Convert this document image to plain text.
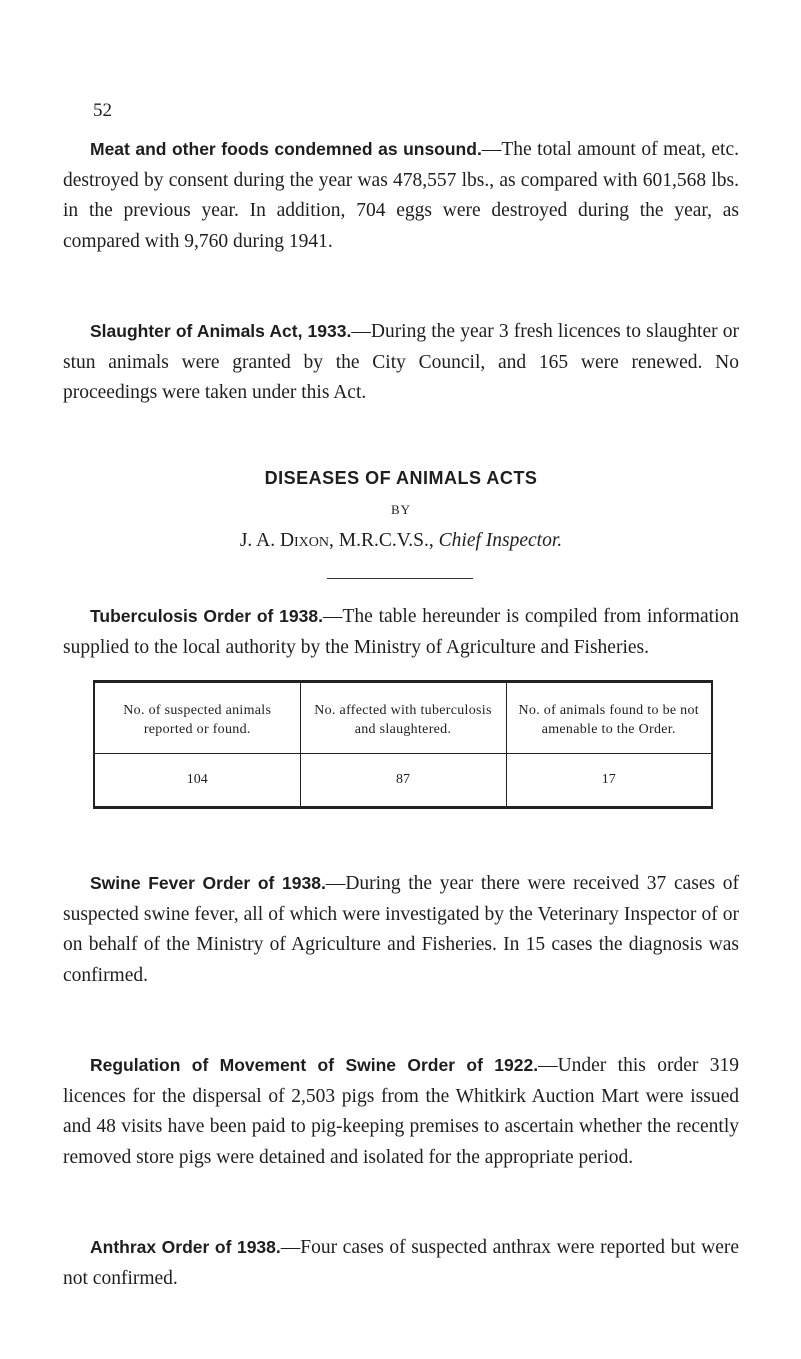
52

Meat and other foods condemned as unsound.—The total amount of meat, etc. destroyed by consent during the year was 478,557 lbs., as compared with 601,568 lbs. in the previous year. In addition, 704 eggs were destroyed during the year, as compared with 9,760 during 1941.

Slaughter of Animals Act, 1933.—During the year 3 fresh licences to slaughter or stun animals were granted by the City Council, and 165 were renewed. No proceedings were taken under this Act.

DISEASES OF ANIMALS ACTS
BY
J. A. Dixon, M.R.C.V.S., Chief Inspector.

Tuberculosis Order of 1938.—The table hereunder is compiled from information supplied to the local authority by the Ministry of Agriculture and Fisheries.

No. of suspected animals reported or found.	No. affected with tuberculosis and slaughtered.	No. of animals found to be not amenable to the Order.
104	87	17

Swine Fever Order of 1938.—During the year there were received 37 cases of suspected swine fever, all of which were investigated by the Veterinary Inspector of or on behalf of the Ministry of Agriculture and Fisheries. In 15 cases the diagnosis was confirmed.

Regulation of Movement of Swine Order of 1922.—Under this order 319 licences for the dispersal of 2,503 pigs from the Whitkirk Auction Mart were issued and 48 visits have been paid to pig-keeping premises to ascertain whether the recently removed store pigs were detained and isolated for the appropriate period.

Anthrax Order of 1938.—Four cases of suspected anthrax were reported but were not confirmed.
